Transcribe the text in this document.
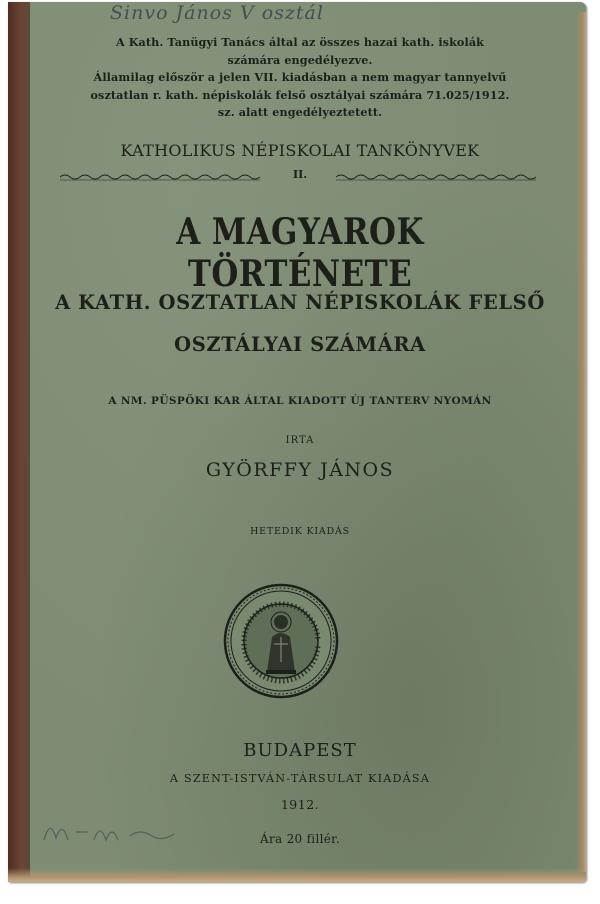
Sinvo János V osztál
A Kath. Tanügyi Tanács által az összes hazai kath. iskolák
számára engedélyezve.
Államilag először a jelen VII. kiadásban a nem magyar tannyelvű
osztatlan r. kath. népiskolák felső osztályai számára 71.025/1912.
sz. alatt engedélyeztetett.
KATHOLIKUS NÉPISKOLAI TANKÖNYVEK
II.
A MAGYAROK TÖRTÉNETE
A KATH. OSZTATLAN NÉPISKOLÁK FELSŐ
OSZTÁLYAI SZÁMÁRA
A NM. PÜSPÖKI KAR ÁLTAL KIADOTT ÚJ TANTERV NYOMÁN
IRTA
GYÖRFFY JÁNOS
HETEDIK KIADÁS
BUDAPEST
A SZENT-ISTVÁN-TÁRSULAT KIADÁSA
1912.
Ára 20 fillér.
